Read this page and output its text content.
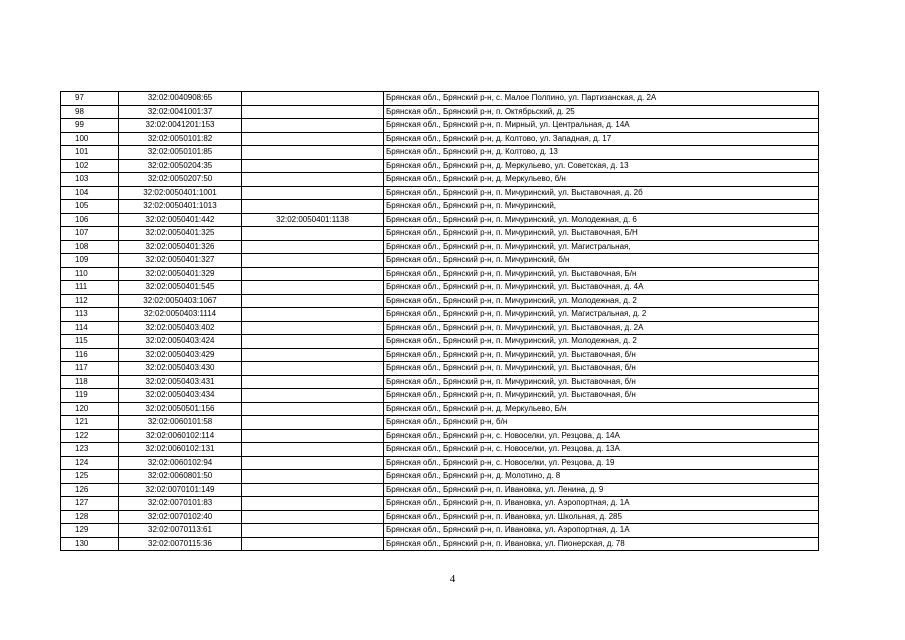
97	32:02:0040908:65		Брянская обл., Брянский р-н, с. Малое Полпино, ул. Партизанская, д. 2А
98	32:02:0041001:37		Брянская обл., Брянский р-н, п. Октябрьский, д. 25
99	32:02:0041201:153		Брянская обл., Брянский р-н, п. Мирный, ул. Центральная, д. 14А
100	32:02:0050101:82		Брянская обл., Брянский р-н, д. Колтово, ул. Западная, д. 17
101	32:02:0050101:85		Брянская обл., Брянский р-н, д. Колтово, д. 13
102	32:02:0050204:35		Брянская обл., Брянский р-н, д. Меркульево, ул. Советская, д. 13
103	32:02:0050207:50		Брянская обл., Брянский р-н, д. Меркульево, б/н
104	32:02:0050401:1001		Брянская обл., Брянский р-н, п. Мичуринский, ул. Выставочная, д. 2б
105	32:02:0050401:1013		Брянская обл., Брянский р-н, п. Мичуринский,
106	32:02:0050401:442	32:02:0050401:1138	Брянская обл., Брянский р-н, п. Мичуринский, ул. Молодежная, д. 6
107	32:02:0050401:325		Брянская обл., Брянский р-н, п. Мичуринский, ул. Выставочная, Б/Н
108	32:02:0050401:326		Брянская обл., Брянский р-н, п. Мичуринский, ул. Магистральная,
109	32:02:0050401:327		Брянская обл., Брянский р-н, п. Мичуринский, б/н
110	32:02:0050401:329		Брянская обл., Брянский р-н, п. Мичуринский, ул. Выставочная, Б/н
111	32:02:0050401:545		Брянская обл., Брянский р-н, п. Мичуринский, ул. Выставочная, д. 4А
112	32:02:0050403:1067		Брянская обл., Брянский р-н, п. Мичуринский, ул. Молодежная, д. 2
113	32:02:0050403:1114		Брянская обл., Брянский р-н, п. Мичуринский, ул. Магистральная, д. 2
114	32:02:0050403:402		Брянская обл., Брянский р-н, п. Мичуринский, ул. Выставочная, д. 2А
115	32:02:0050403:424		Брянская обл., Брянский р-н, п. Мичуринский, ул. Молодежная, д. 2
116	32:02:0050403:429		Брянская обл., Брянский р-н, п. Мичуринский, ул. Выставочная, б/н
117	32:02:0050403:430		Брянская обл., Брянский р-н, п. Мичуринский, ул. Выставочная, б/н
118	32:02:0050403:431		Брянская обл., Брянский р-н, п. Мичуринский, ул. Выставочная, б/н
119	32:02:0050403:434		Брянская обл., Брянский р-н, п. Мичуринский, ул. Выставочная, б/н
120	32:02:0050501:156		Брянская обл., Брянский р-н, д. Меркульево, Б/н
121	32:02:0060101:58		Брянская обл., Брянский р-н, б/н
122	32:02:0060102:114		Брянская обл., Брянский р-н, с. Новоселки, ул. Резцова, д. 14А
123	32:02:0060102:131		Брянская обл., Брянский р-н, с. Новоселки, ул. Резцова, д. 13А
124	32:02:0060102:94		Брянская обл., Брянский р-н, с. Новоселки, ул. Резцова, д. 19
125	32:02:0060801:50		Брянская обл., Брянский р-н, д. Молотино, д. 8
126	32:02:0070101:149		Брянская обл., Брянский р-н, п. Ивановка, ул. Ленина, д. 9
127	32:02:0070101:83		Брянская обл., Брянский р-н, п. Ивановка, ул. Аэропортная, д. 1А
128	32:02:0070102:40		Брянская обл., Брянский р-н, п. Ивановка, ул. Школьная, д. 285
129	32:02:0070113:61		Брянская обл., Брянский р-н, п. Ивановка, ул. Аэропортная, д. 1А
130	32:02:0070115:36		Брянская обл., Брянский р-н, п. Ивановка, ул. Пионерская, д. 78
4
